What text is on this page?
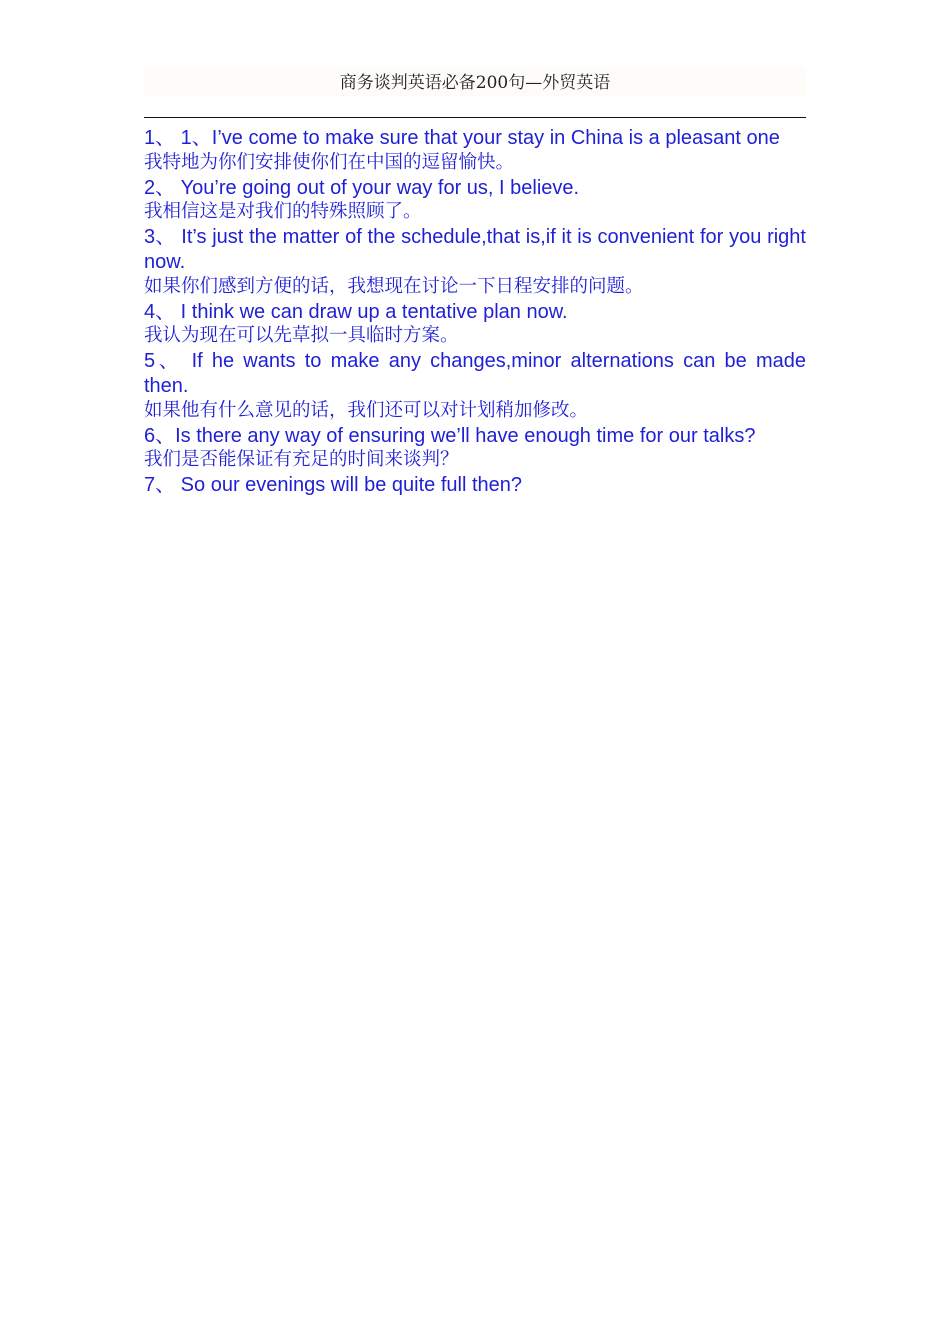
商务谈判英语必备200句—外贸英语

1、 1、I’ve come to make sure that your stay in China is a pleasant one

我特地为你们安排使你们在中国的逗留愉快。

2、 You’re going out of your way for us, I believe.

我相信这是对我们的特殊照顾了。

3、 It’s just the matter of the schedule,that is,if it is convenient for you right now.

如果你们感到方便的话，我想现在讨论一下日程安排的问题。

4、 I think we can draw up a tentative plan now.

我认为现在可以先草拟一具临时方案。

5、 If he wants to make any changes,minor alternations can be made then.

如果他有什么意见的话，我们还可以对计划稍加修改。

6、Is there any way of ensuring we’ll have enough time for our talks?

我们是否能保证有充足的时间来谈判？

7、 So our evenings will be quite full then?
